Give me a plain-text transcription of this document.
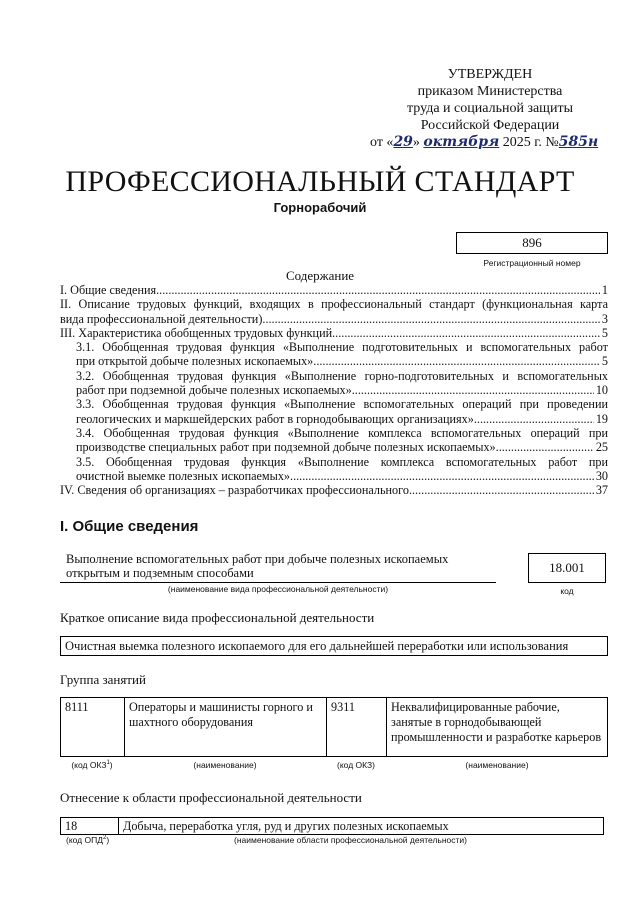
УТВЕРЖДЕН
приказом Министерства
труда и социальной защиты
Российской Федерации
от «29» октября 2025 г. №585н
ПРОФЕССИОНАЛЬНЫЙ СТАНДАРТ
Горнорабочий
896
Регистрационный номер
Содержание
I. Общие сведения .....	1
II. Описание трудовых функций, входящих в профессиональный стандарт (функциональная карта
вида профессиональной деятельности) .....	3
III. Характеристика обобщенных трудовых функций .....	5
3.1. Обобщенная трудовая функция «Выполнение подготовительных и вспомогательных работ
при открытой добыче полезных ископаемых» .....	5
3.2. Обобщенная трудовая функция «Выполнение горно-подготовительных и вспомогательных
работ при подземной добыче полезных ископаемых» .....	10
3.3. Обобщенная трудовая функция «Выполнение вспомогательных операций при проведении
геологических и маркшейдерских работ в горнодобывающих организациях» .....	19
3.4. Обобщенная трудовая функция «Выполнение комплекса вспомогательных операций при
производстве специальных работ при подземной добыче полезных ископаемых» .....	25
3.5. Обобщенная трудовая функция «Выполнение комплекса вспомогательных работ при
очистной выемке полезных ископаемых» .....	30
IV. Сведения об организациях – разработчиках профессионального .....	37
I. Общие сведения
Выполнение вспомогательных работ при добыче полезных ископаемых открытым и подземным способами
(наименование вида профессиональной деятельности)
18.001
код
Краткое описание вида профессиональной деятельности
Очистная выемка полезного ископаемого для его дальнейшей переработки или использования
Группа занятий
8111	Операторы и машинисты горного и шахтного оборудования	9311	Неквалифицированные рабочие, занятые в горнодобывающей промышленности и разработке карьеров
(код ОКЗ$^1$)	(наименование)	(код ОКЗ)	(наименование)
Отнесение к области профессиональной деятельности
18	Добыча, переработка угля, руд и других полезных ископаемых
(код ОПД$^2$)	(наименование области профессиональной деятельности)
